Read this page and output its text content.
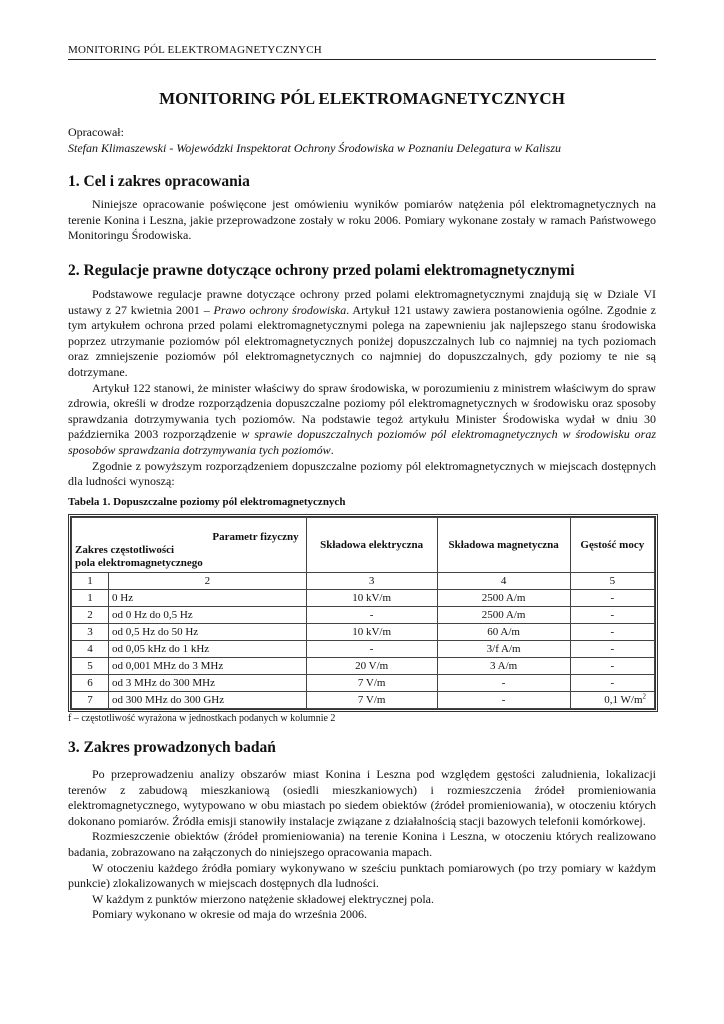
MONITORING PÓL ELEKTROMAGNETYCZNYCH
MONITORING PÓL ELEKTROMAGNETYCZNYCH
Opracował:
Stefan Klimaszewski - Wojewódzki Inspektorat Ochrony Środowiska w Poznaniu Delegatura w Kaliszu
1. Cel i zakres opracowania

Niniejsze opracowanie poświęcone jest omówieniu wyników pomiarów natężenia pól elektromagnetycznych na terenie Konina i Leszna, jakie przeprowadzone zostały w roku 2006. Pomiary wykonane zostały w ramach Państwowego Monitoringu Środowiska.

2. Regulacje prawne dotyczące ochrony przed polami elektromagnetycznymi

Podstawowe regulacje prawne dotyczące ochrony przed polami elektromagnetycznymi znajdują się w Dziale VI ustawy z 27 kwietnia 2001 – Prawo ochrony środowiska. Artykuł 121 ustawy zawiera postanowienia ogólne. Zgodnie z tym artykułem ochrona przed polami elektromagnetycznymi polega na zapewnieniu jak najlepszego stanu środowiska poprzez utrzymanie poziomów pól elektromagnetycznych poniżej dopuszczalnych lub co najmniej na tych poziomach oraz zmniejszenie poziomów pól elektromagnetycznych co najmniej do dopuszczalnych, gdy poziomy te nie są dotrzymane.

Artykuł 122 stanowi, że minister właściwy do spraw środowiska, w porozumieniu z ministrem właściwym do spraw zdrowia, określi w drodze rozporządzenia dopuszczalne poziomy pól elektromagnetycznych w środowisku oraz sposoby sprawdzania dotrzymywania tych poziomów. Na podstawie tegoż artykułu Minister Środowiska wydał w dniu 30 października 2003 rozporządzenie w sprawie dopuszczalnych poziomów pól elektromagnetycznych w środowisku oraz sposobów sprawdzania dotrzymywania tych poziomów.

Zgodnie z powyższym rozporządzeniem dopuszczalne poziomy pól elektromagnetycznych w miejscach dostępnych dla ludności wynoszą:

Tabela 1. Dopuszczalne poziomy pól elektromagnetycznych
Parametr fizyczny
Zakres częstotliwości
pola elektromagnetycznego		Składowa elektryczna	Składowa magnetyczna	Gęstość mocy
1	2	3	4	5
1	0 Hz	10 kV/m	2500 A/m	-
2	od 0 Hz do 0,5 Hz	-	2500 A/m	-
3	od 0,5 Hz do 50 Hz	10 kV/m	60 A/m	-
4	od 0,05 kHz do 1 kHz	-	3/f A/m	-
5	od 0,001 MHz do 3 MHz	20 V/m	3 A/m	-
6	od 3 MHz do 300 MHz	7 V/m	-	-
7	od 300 MHz do 300 GHz	7 V/m	-	0,1 $W/m^2$
f – częstotliwość wyrażona w jednostkach podanych w kolumnie 2
3. Zakres prowadzonych badań

Po przeprowadzeniu analizy obszarów miast Konina i Leszna pod względem gęstości zaludnienia, lokalizacji terenów z zabudową mieszkaniową (osiedli mieszkaniowych) i rozmieszczenia źródeł promieniowania elektromagnetycznego, wytypowano w obu miastach po siedem obiektów (źródeł promieniowania), w otoczeniu których dokonano pomiarów. Źródła emisji stanowiły instalacje związane z działalnością stacji bazowych telefonii komórkowej.

Rozmieszczenie obiektów (źródeł promieniowania) na terenie Konina i Leszna, w otoczeniu których realizowano badania, zobrazowano na załączonych do niniejszego opracowania mapach.

W otoczeniu każdego źródła pomiary wykonywano w sześciu punktach pomiarowych (po trzy pomiary w każdym punkcie) zlokalizowanych w miejscach dostępnych dla ludności.

W każdym z punktów mierzono natężenie składowej elektrycznej pola.

Pomiary wykonano w okresie od maja do września 2006.
